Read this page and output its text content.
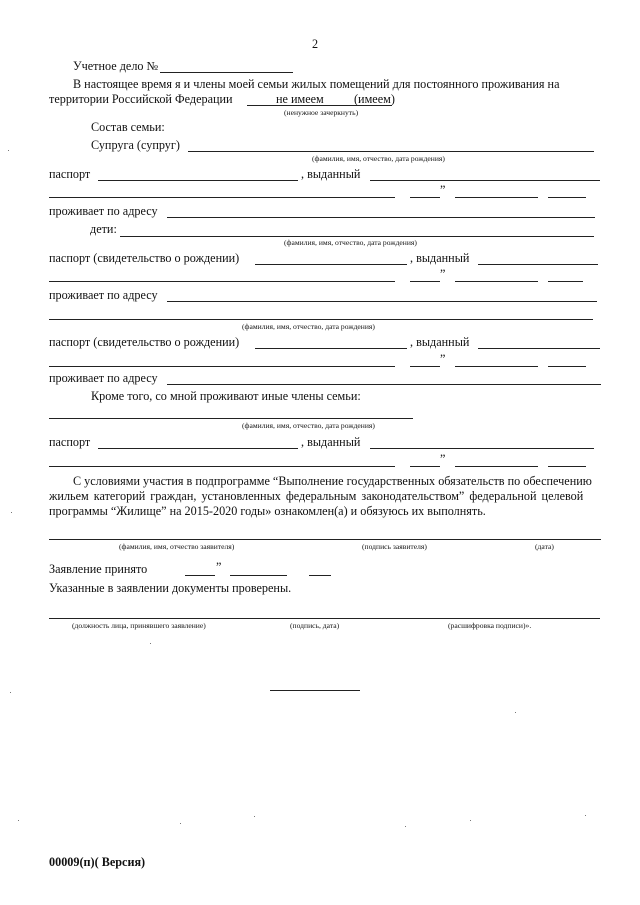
2
Учетное дело №
В настоящее время я и члены моей семьи жилых помещений для постоянного проживания на
территории Российской Федерации	не имеем (имеем)
(ненужное зачеркнуть)
Состав семьи:
Супруга (супруг)
(фамилия, имя, отчество, дата рождения)
паспорт	, выданный
”
проживает по адресу
дети:
(фамилия, имя, отчество, дата рождения)
паспорт (свидетельство о рождении)	, выданный
”
проживает по адресу
(фамилия, имя, отчество, дата рождения)
паспорт (свидетельство о рождении)	, выданный
”
проживает по адресу
Кроме того, со мной проживают иные члены семьи:
(фамилия, имя, отчество, дата рождения)
паспорт	, выданный
”
С условиями участия в подпрограмме “Выполнение государственных обязательств по обеспечению
жильем категорий граждан, установленных федеральным законодательством” федеральной целевой
программы “Жилище” на 2015-2020 годы» ознакомлен(а) и обязуюсь их выполнять.
(фамилия, имя, отчество заявителя)	(подпись заявителя)	(дата)
Заявление принято	”
Указанные в заявлении документы проверены.
(должность лица, принявшего заявление)	(подпись, дата)	(расшифровка подписи)».
00009(п)( Версия)
